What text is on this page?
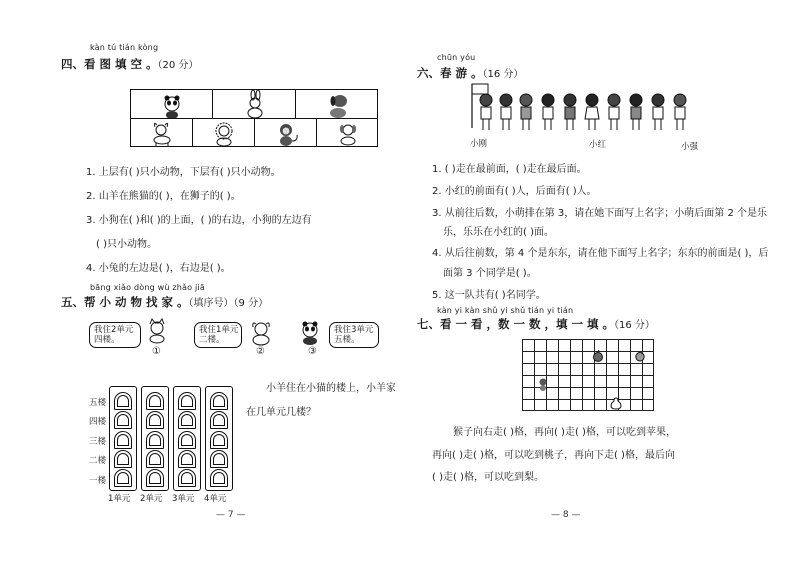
kàn tú tián kòng
四、看 图 填 空 。（20 分）
1. 上层有( )只小动物，下层有( )只小动物。
2. 山羊在熊猫的( )，在狮子的( )。
3. 小狗在( )和( )的上面，( )的右边，小狗的左边有
( )只小动物。
4. 小兔的左边是( )，右边是( )。
bāng xiǎo dòng wù zhǎo jiā
五、帮 小 动 物 找 家 。（填序号）（9 分）
我住2单元
四楼。
①
我住1单元
二楼。
②
我住3单元
五楼。
③
小羊住在小猫的楼上，小羊家
在几单元几楼？
五楼
四楼
三楼
二楼
一楼
1单元 2单元 3单元 4单元
— 7 —
chūn yóu
六、春 游 。（16 分）
小刚	小红	小强
1. ( )走在最前面，( )走在最后面。
2. 小红的前面有( )人，后面有( )人。
3. 从前往后数，小萌排在第 3，请在她下面写上名字；小萌后面第 2 个是乐
乐，乐乐在小红的( )面。
4. 从后往前数，第 4 个是东东，请在他下面写上名字；东东的前面是( )，后
面第 3 个同学是( )。
5. 这一队共有( )名同学。
kàn yi kàn shǔ yi shǔ tián yi tián
七、看 一 看 ，数 一 数 ，填 一 填 。（16 分）
猴子向右走( )格，再向( )走( )格，可以吃到苹果，
再向( )走( )格，可以吃到桃子，再向下走( )格，最后向
( )走( )格，可以吃到梨。
— 8 —
